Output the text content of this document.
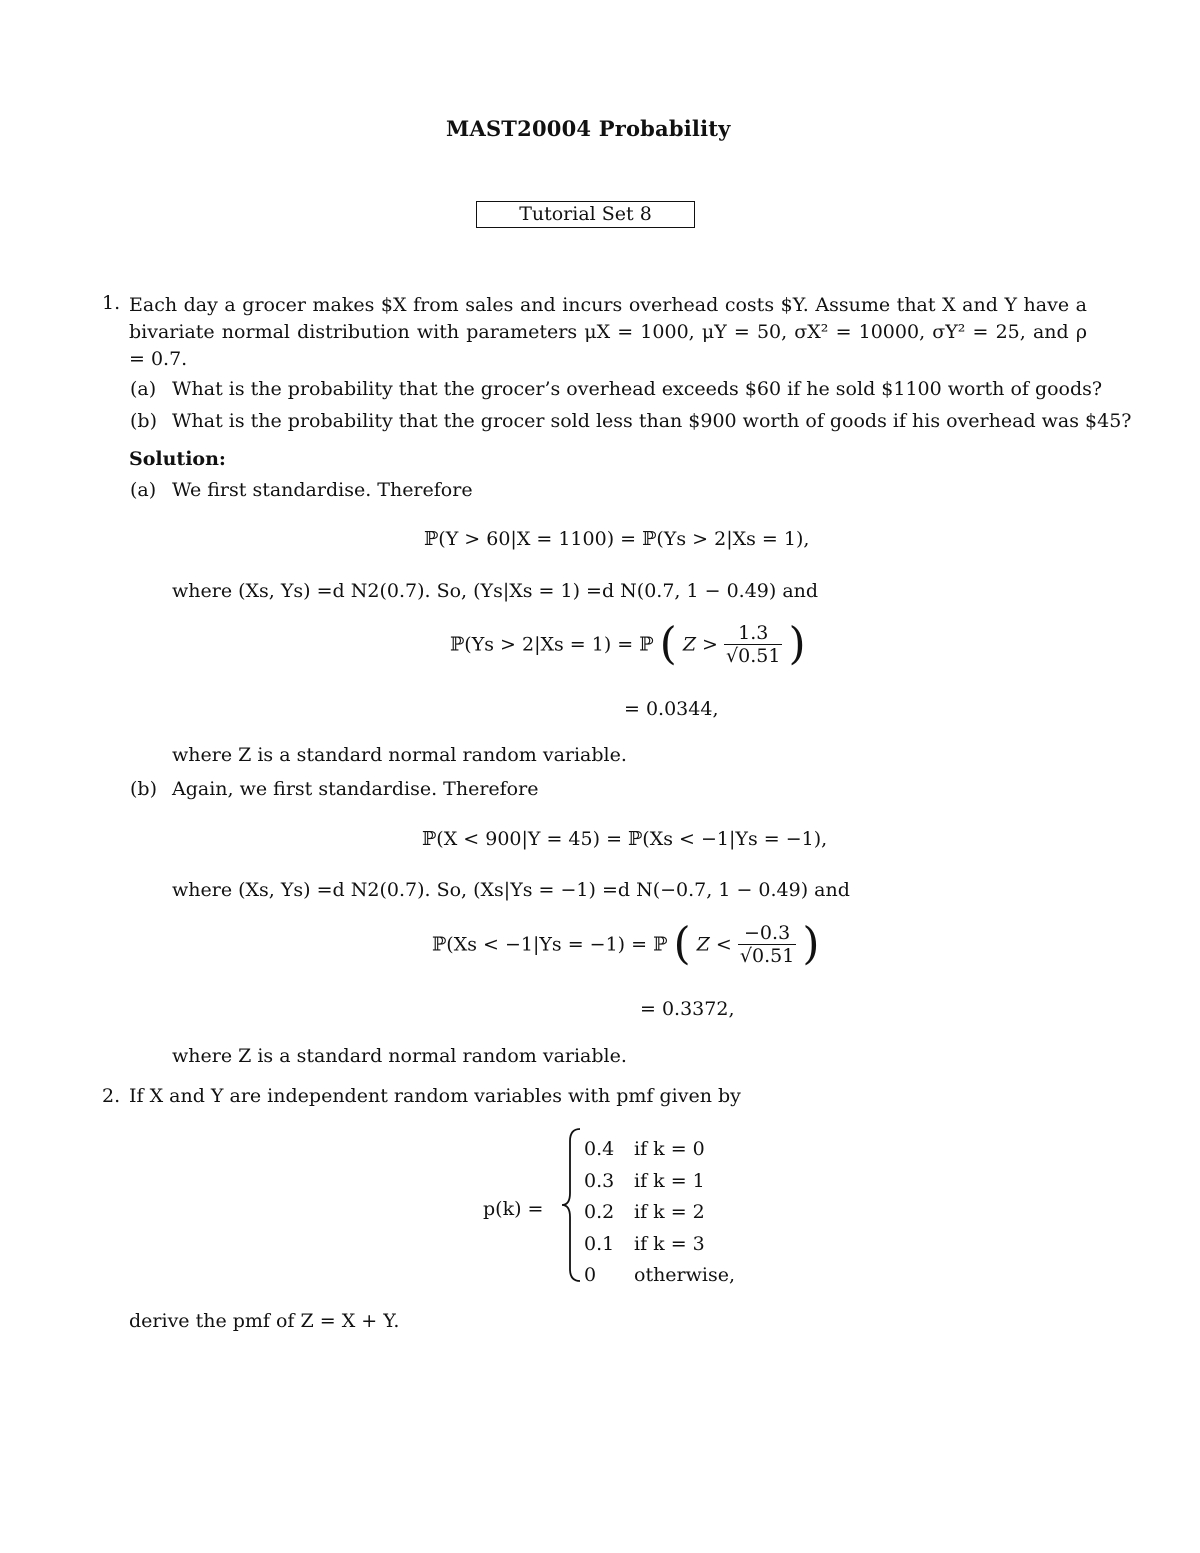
MAST20004 Probability
Tutorial Set 8
1. Each day a grocer makes $X from sales and incurs overhead costs $Y. Assume that X and Y have a bivariate normal distribution with parameters μX = 1000, μY = 50, σX² = 10000, σY² = 25, and ρ = 0.7.
(a) What is the probability that the grocer’s overhead exceeds $60 if he sold $1100 worth of goods?
(b) What is the probability that the grocer sold less than $900 worth of goods if his overhead was $45?
Solution:
(a) We first standardise. Therefore
ℙ(Y > 60|X = 1100) = ℙ(Ys > 2|Xs = 1),
where (Xs, Ys) =d N2(0.7). So, (Ys|Xs = 1) =d N(0.7, 1 − 0.49) and
ℙ(Ys > 2|Xs = 1) = ℙ ( $Z > \frac{1.3}{√0.51}$ )
= 0.0344,
where Z is a standard normal random variable.
(b) Again, we first standardise. Therefore
ℙ(X < 900|Y = 45) = ℙ(Xs < −1|Ys = −1),
where (Xs, Ys) =d N2(0.7). So, (Xs|Ys = −1) =d N(−0.7, 1 − 0.49) and
ℙ(Xs < −1|Ys = −1) = ℙ ( $Z < \frac{-0.3}{√0.51}$ )
= 0.3372,
where Z is a standard normal random variable.
2. If X and Y are independent random variables with pmf given by
p(k) =
0.4 if k = 0
0.3 if k = 1
0.2 if k = 2
0.1 if k = 3
0 otherwise,
derive the pmf of Z = X + Y.
